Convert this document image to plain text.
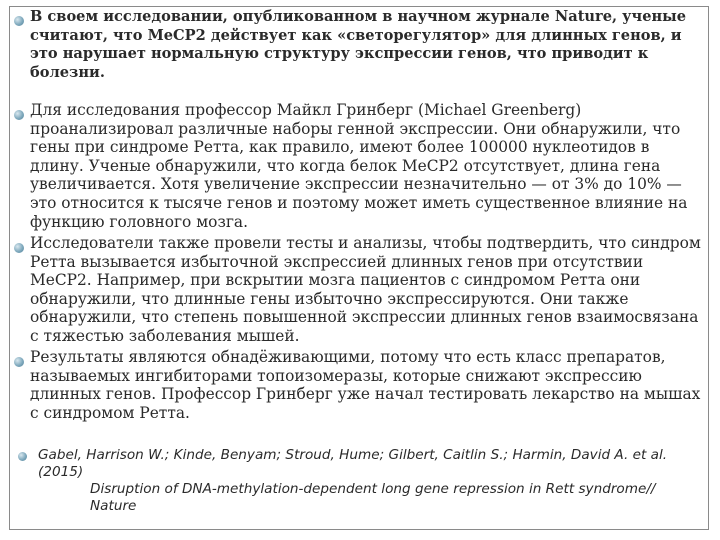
В своем исследовании, опубликованном в научном журнале Nature, ученые считают, что MeCP2 действует как «светорегулятор» для длинных генов, и это нарушает нормальную структуру экспрессии генов, что приводит к болезни.

Для исследования профессор Майкл Гринберг (Michael Greenberg) проанализировал различные наборы генной экспрессии. Они обнаружили, что гены при синдроме Ретта, как правило, имеют более 100000 нуклеотидов в длину. Ученые обнаружили, что когда белок MeCP2 отсутствует, длина гена увеличивается. Хотя увеличение экспрессии незначительно — от 3% до 10% — это относится к тысяче генов и поэтому может иметь существенное влияние на функцию головного мозга.

Исследователи также провели тесты и анализы, чтобы подтвердить, что синдром Ретта вызывается избыточной экспрессией длинных генов при отсутствии MeCP2. Например, при вскрытии мозга пациентов с синдромом Ретта они обнаружили, что длинные гены избыточно экспрессируются. Они также обнаружили, что степень повышенной экспрессии длинных генов взаимосвязана с тяжестью заболевания мышей.

Результаты являются обнадёживающими, потому что есть класс препаратов, называемых ингибиторами топоизомеразы, которые снижают экспрессию длинных генов. Профессор Гринберг уже начал тестировать лекарство на мышах с синдромом Ретта.

Gabel, Harrison W.; Kinde, Benyam; Stroud, Hume; Gilbert, Caitlin S.; Harmin, David A. et al. (2015)
Disruption of DNA-methylation-dependent long gene repression in Rett syndrome// Nature
